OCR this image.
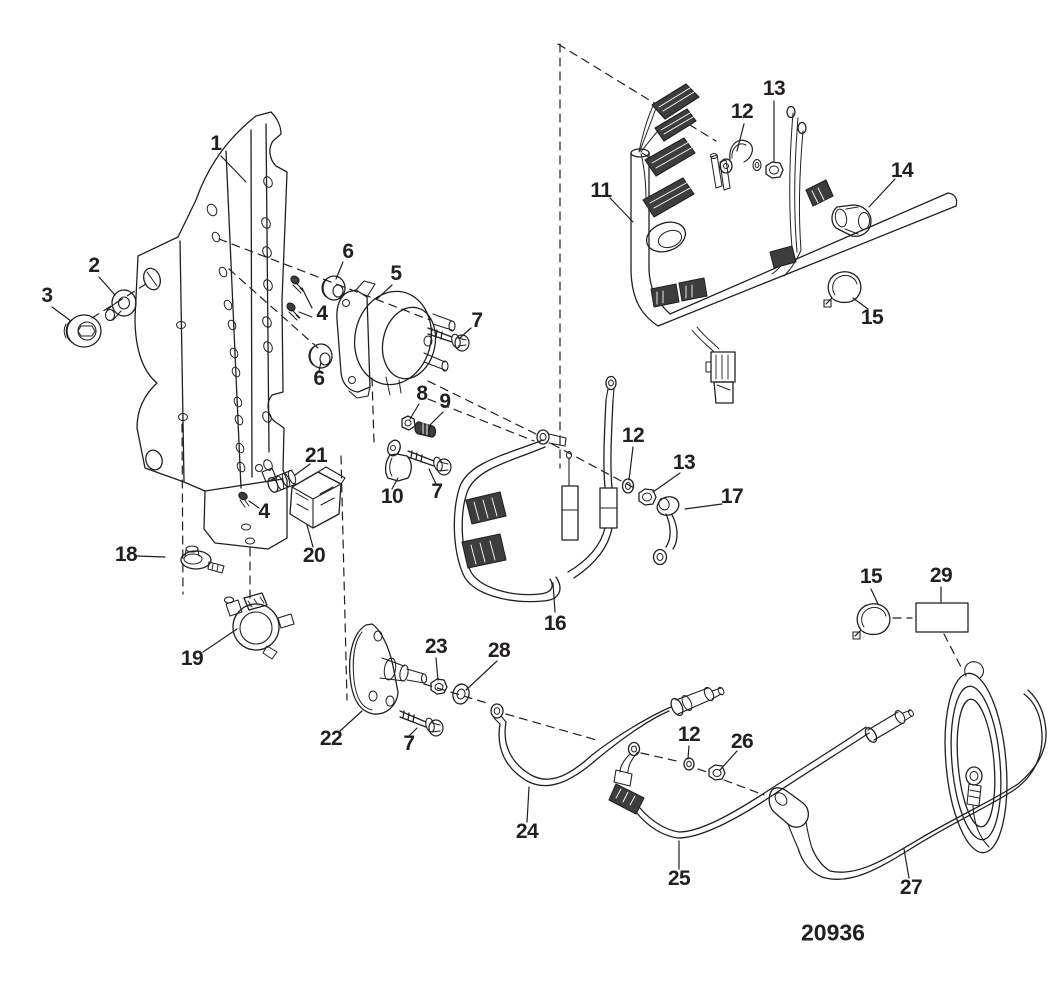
1
2
3
4
4
5
6
6
7
7
7
8 9
10
11
12
12
12
13
13
14
15
15
16
17
18
19
20
21
22
23
24
25
26
27
28
29
20936
